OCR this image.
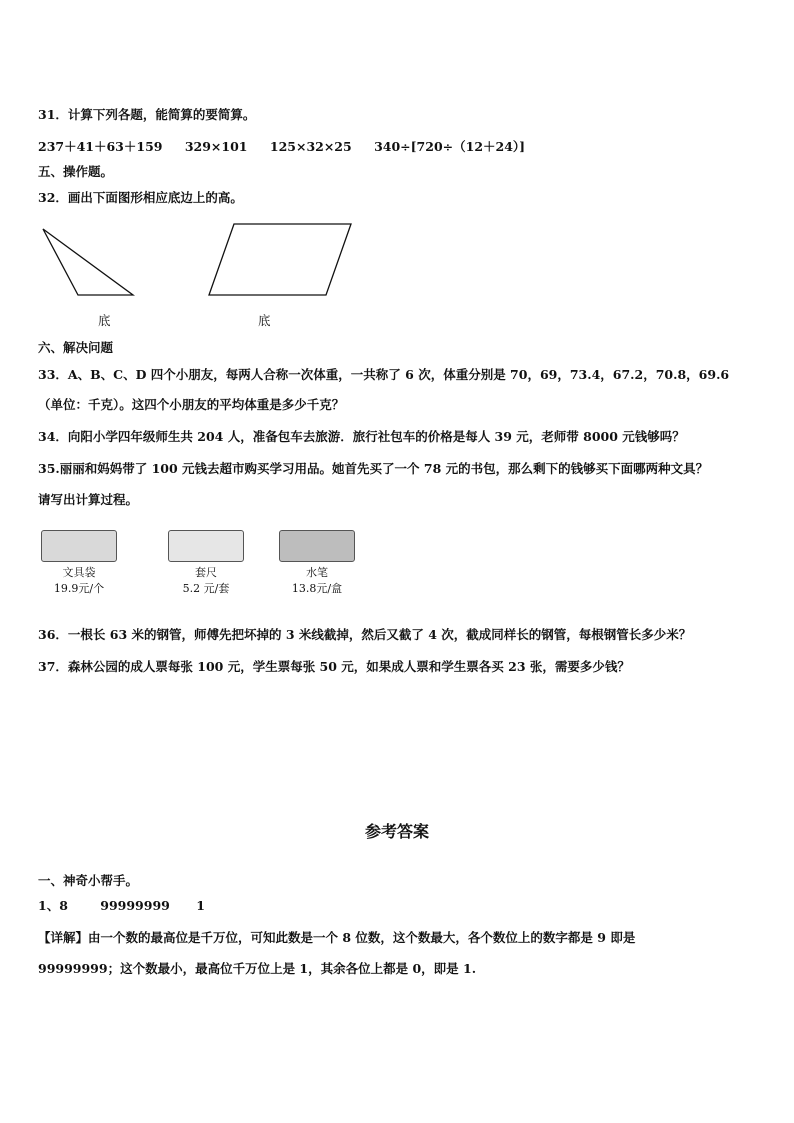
31．计算下列各题，能简算的要简算。
237＋41＋63＋159 329×101 125×32×25 340÷[720÷（12＋24）]
五、操作题。
32．画出下面图形相应底边上的高。
底	底
六、解决问题
33．A、B、C、D 四个小朋友，每两人合称一次体重，一共称了 6 次，体重分别是 70，69，73.4，67.2，70.8，69.6
（单位：千克）。这四个小朋友的平均体重是多少千克？
34．向阳小学四年级师生共 204 人，准备包车去旅游．旅行社包车的价格是每人 39 元，老师带 8000 元钱够吗？
35.丽丽和妈妈带了 100 元钱去超市购买学习用品。她首先买了一个 78 元的书包，那么剩下的钱够买下面哪两种文具？
请写出计算过程。
文具袋
19.9元/个
套尺
5.2 元/套
水笔
13.8元/盒
36．一根长 63 米的钢管，师傅先把坏掉的 3 米线截掉，然后又截了 4 次，截成同样长的钢管，每根钢管长多少米？
37．森林公园的成人票每张 100 元，学生票每张 50 元，如果成人票和学生票各买 23 张，需要多少钱？
参考答案
一、神奇小帮手。
1、8	99999999 1
【详解】由一个数的最高位是千万位，可知此数是一个 8 位数，这个数最大，各个数位上的数字都是 9 即是
99999999；这个数最小，最高位千万位上是 1，其余各位上都是 0，即是 1.
